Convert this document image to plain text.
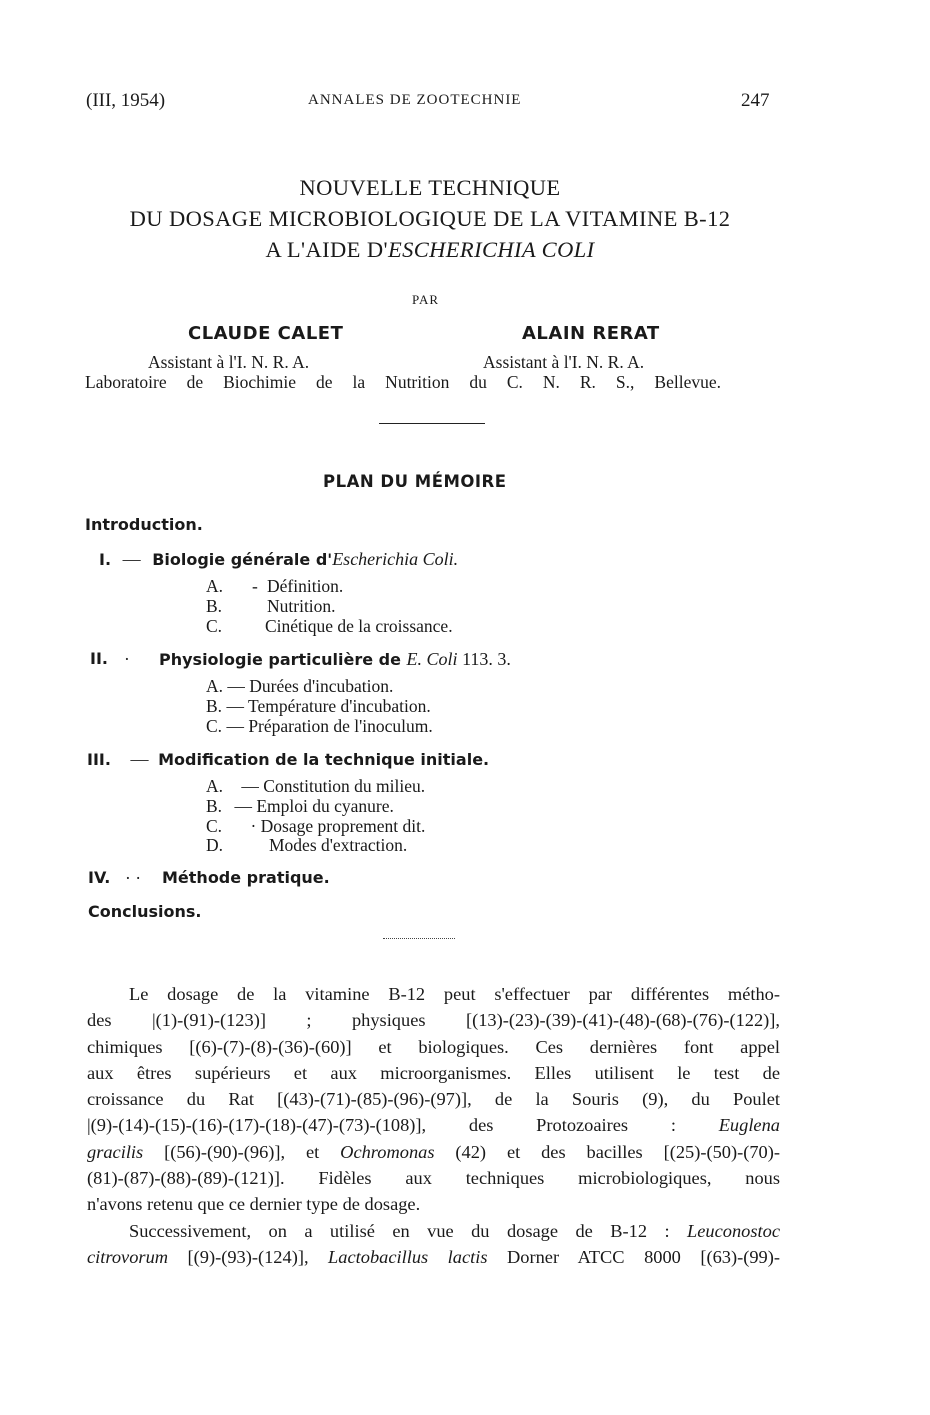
(III, 1954)	ANNALES DE ZOOTECHNIE	247
NOUVELLE TECHNIQUE
DU DOSAGE MICROBIOLOGIQUE DE LA VITAMINE B-12
A L'AIDE D'ESCHERICHIA COLI
PAR
CLAUDE CALET	ALAIN RERAT
Assistant à l'I. N. R. A.	Assistant à l'I. N. R. A.
Laboratoire de Biochimie de la Nutrition du C. N. R. S., Bellevue.
PLAN DU MÉMOIRE
Introduction.
I. — Biologie générale d'Escherichia Coli.
A. - Définition.
B.	Nutrition.
C. Cinétique de la croissance.
II. · Physiologie particulière de E. Coli 113. 3.
A. — Durées d'incubation.
B. — Température d'incubation.
C. — Préparation de l'inoculum.
III. — Modification de la technique initiale.
A. — Constitution du milieu.
B. — Emploi du cyanure.
C. · Dosage proprement dit.
D.	Modes d'extraction.
IV. · · Méthode pratique.
Conclusions.
Le dosage de la vitamine B-12 peut s'effectuer par différentes métho-
des |(1)-(91)-(123)] ; physiques [(13)-(23)-(39)-(41)-(48)-(68)-(76)-(122)],
chimiques [(6)-(7)-(8)-(36)-(60)] et biologiques. Ces dernières font appel
aux êtres supérieurs et aux microorganismes. Elles utilisent le test de
croissance du Rat [(43)-(71)-(85)-(96)-(97)], de la Souris (9), du Poulet
|(9)-(14)-(15)-(16)-(17)-(18)-(47)-(73)-(108)], des Protozoaires : Euglena
gracilis [(56)-(90)-(96)], et Ochromonas (42) et des bacilles [(25)-(50)-(70)-
(81)-(87)-(88)-(89)-(121)]. Fidèles aux techniques microbiologiques, nous
n'avons retenu que ce dernier type de dosage.
Successivement, on a utilisé en vue du dosage de B-12 : Leuconostoc
citrovorum [(9)-(93)-(124)], Lactobacillus lactis Dorner ATCC 8000 [(63)-(99)-
